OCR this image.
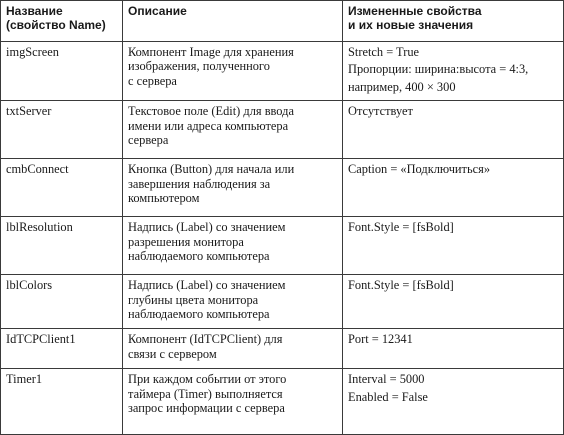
Название
(свойство Name)	Описание	Измененные свойства
и их новые значения

imgScreen	Компонент Image для хранения
изображения, полученного
с сервера	Stretch = True
Пропорции: ширина:высота = 4:3,
например, 400 × 300

txtServer	Текстовое поле (Edit) для ввода
имени или адреса компьютера
сервера	Отсутствует

cmbConnect	Кнопка (Button) для начала или
завершения наблюдения за
компьютером	Caption = «Подключиться»

lblResolution	Надпись (Label) со значением
разрешения монитора
наблюдаемого компьютера	Font.Style = [fsBold]

lblColors	Надпись (Label) со значением
глубины цвета монитора
наблюдаемого компьютера	Font.Style = [fsBold]

IdTCPClient1	Компонент (IdTCPClient) для
связи с сервером	Port = 12341

Timer1	При каждом событии от этого
таймера (Timer) выполняется
запрос информации с сервера	Interval = 5000
Enabled = False
